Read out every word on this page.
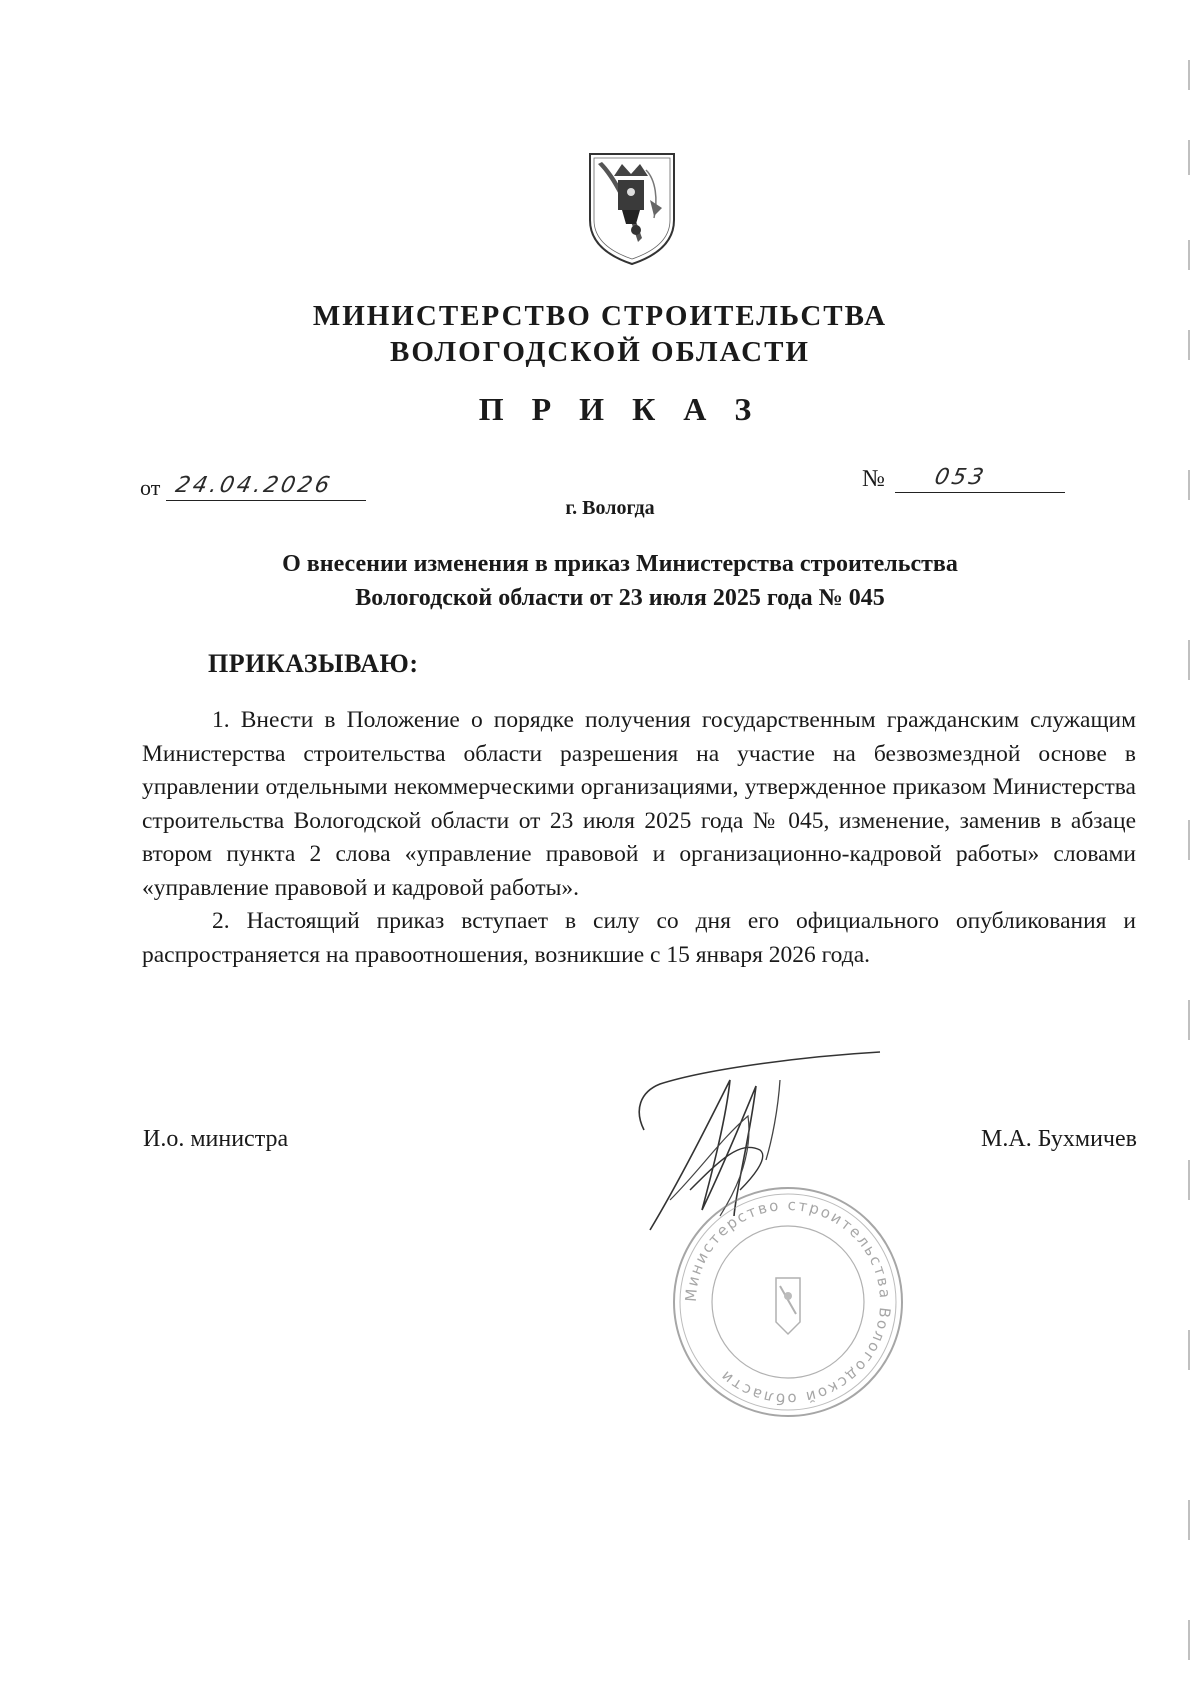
МИНИСТЕРСТВО СТРОИТЕЛЬСТВА
ВОЛОГОДСКОЙ ОБЛАСТИ
П Р И К А З
от 24.04.2026	№ 053
г. Вологда
О внесении изменения в приказ Министерства строительства
Вологодской области от 23 июля 2025 года № 045
ПРИКАЗЫВАЮ:

1. Внести в Положение о порядке получения государственным гражданским служащим Министерства строительства области разрешения на участие на безвозмездной основе в управлении отдельными некоммерческими организациями, утвержденное приказом Министерства строительства Вологодской области от 23 июля 2025 года № 045, изменение, заменив в абзаце втором пункта 2 слова «управление правовой и организационно-кадровой работы» словами «управление правовой и кадровой работы».

2. Настоящий приказ вступает в силу со дня его официального опубликования и распространяется на правоотношения, возникшие с 15 января 2026 года.

И.о. министра	М.А. Бухмичев
Министерство строительства Вологодской области
